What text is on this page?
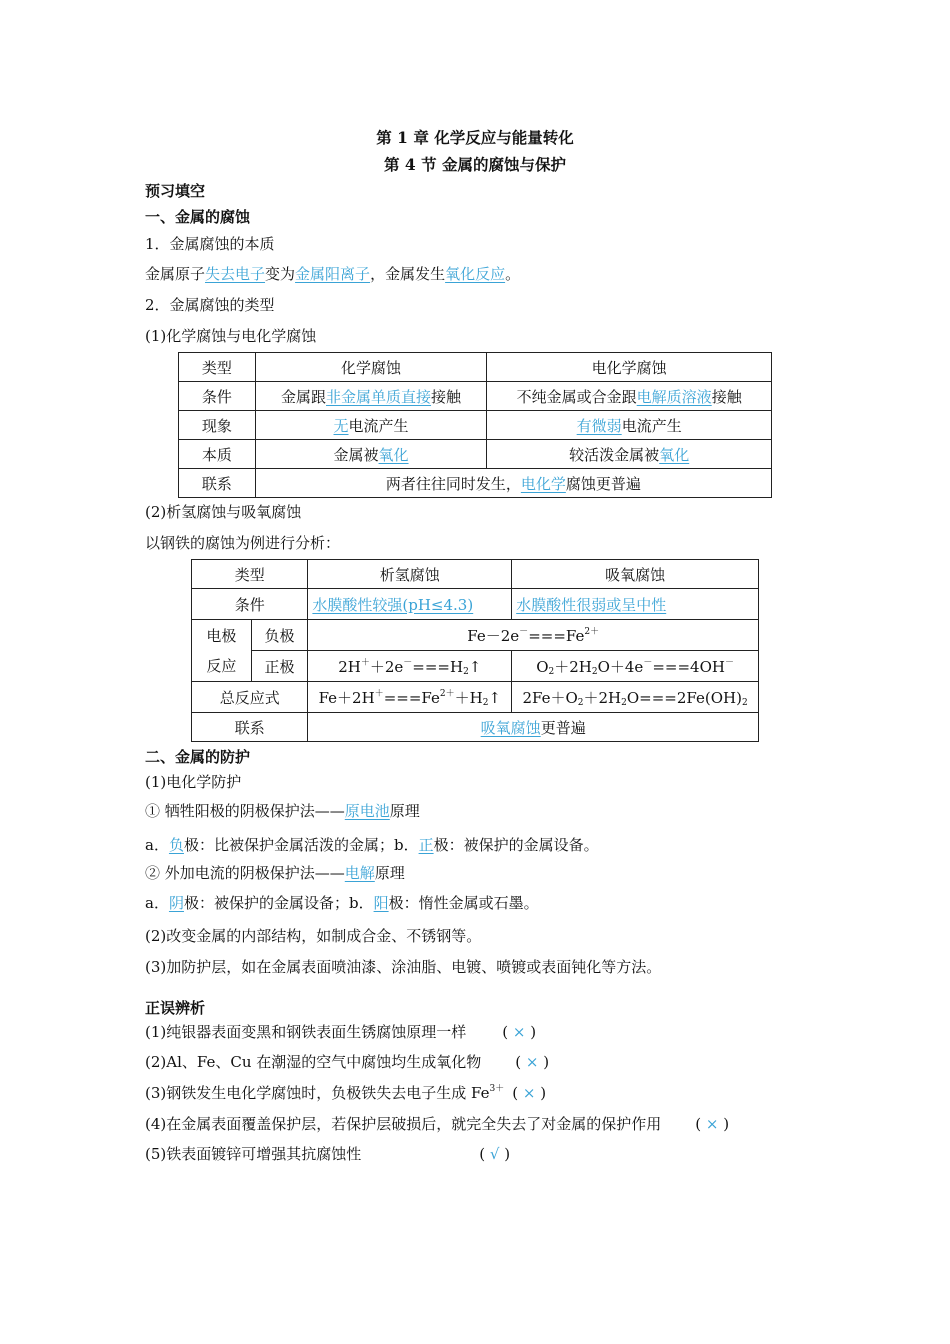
第 1 章 化学反应与能量转化
第 4 节 金属的腐蚀与保护
预习填空
一、金属的腐蚀
1．金属腐蚀的本质
金属原子失去电子变为金属阳离子，金属发生氧化反应。
2．金属腐蚀的类型
(1)化学腐蚀与电化学腐蚀
类型	化学腐蚀	电化学腐蚀
条件	金属跟非金属单质直接接触	不纯金属或合金跟电解质溶液接触
现象	无电流产生	有微弱电流产生
本质	金属被氧化	较活泼金属被氧化
联系	两者往往同时发生，电化学腐蚀更普遍	
(2)析氢腐蚀与吸氧腐蚀
以钢铁的腐蚀为例进行分析：
类型		析氢腐蚀	吸氧腐蚀
条件		水膜酸性较强(pH≤4.3)	水膜酸性很弱或呈中性
电极
反应	负极	$Fe-2e^-===Fe^{2+}$
	正极	$2H^++2e^-===H_2↑$	$O_2+2H_2O+4e^-===4OH^-$
总反应式		$Fe+2H^+===Fe^{2+}+H_2↑$	$2Fe+O_2+2H_2O===2Fe(OH)_2$
联系		吸氧腐蚀更普遍	
二、金属的防护
(1)电化学防护
① 牺牲阳极的阴极保护法——原电池原理
a．负极：比被保护金属活泼的金属；b．正极：被保护的金属设备。
② 外加电流的阴极保护法——电解原理
a．阴极：被保护的金属设备；b．阳极：惰性金属或石墨。
(2)改变金属的内部结构，如制成合金、不锈钢等。
(3)加防护层，如在金属表面喷油漆、涂油脂、电镀、喷镀或表面钝化等方法。
正误辨析
(1)纯银器表面变黑和钢铁表面生锈腐蚀原理一样 ( × )
(2)Al、Fe、Cu 在潮湿的空气中腐蚀均生成氧化物 ( × )
(3)钢铁发生电化学腐蚀时，负极铁失去电子生成 $Fe^{3+}$ ( × )
(4)在金属表面覆盖保护层，若保护层破损后，就完全失去了对金属的保护作用 ( × )
(5)铁表面镀锌可增强其抗腐蚀性	( √ )
